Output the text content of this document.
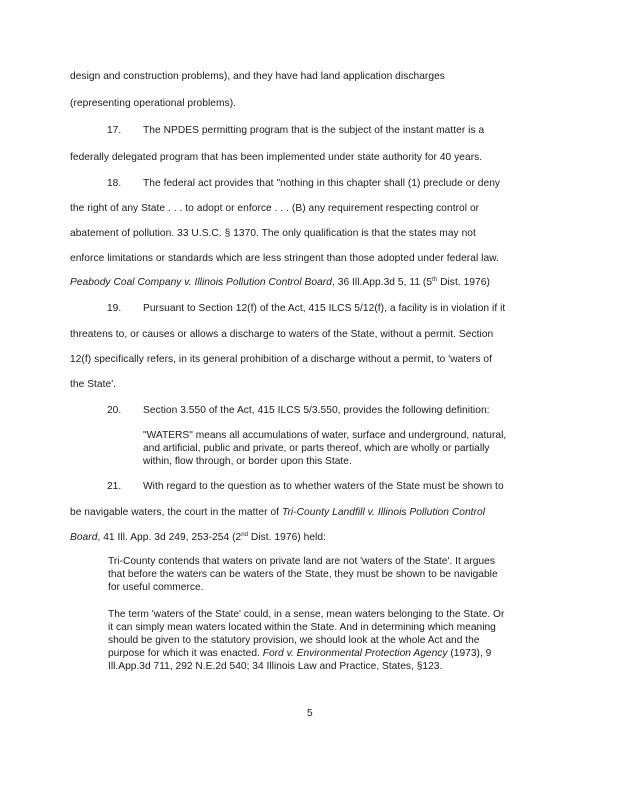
design and construction problems), and they have had land application discharges
(representing operational problems).
17. The NPDES permitting program that is the subject of the instant matter is a
federally delegated program that has been implemented under state authority for 40 years.
18. The federal act provides that "nothing in this chapter shall (1) preclude or deny
the right of any State . . . to adopt or enforce . . . (B) any requirement respecting control or
abatement of pollution. 33 U.S.C. § 1370. The only qualification is that the states may not
enforce limitations or standards which are less stringent than those adopted under federal law.
Peabody Coal Company v. Illinois Pollution Control Board, 36 Ill.App.3d 5, 11 (5th Dist. 1976)
19. Pursuant to Section 12(f) of the Act, 415 ILCS 5/12(f), a facility is in violation if it
threatens to, or causes or allows a discharge to waters of the State, without a permit. Section
12(f) specifically refers, in its general prohibition of a discharge without a permit, to 'waters of
the State'.
20. Section 3.550 of the Act, 415 ILCS 5/3.550, provides the following definition:
"WATERS" means all accumulations of water, surface and underground, natural,
and artificial, public and private, or parts thereof, which are wholly or partially
within, flow through, or border upon this State.
21. With regard to the question as to whether waters of the State must be shown to
be navigable waters, the court in the matter of Tri-County Landfill v. Illinois Pollution Control
Board, 41 Ill. App. 3d 249, 253-254 (2nd Dist. 1976) held:
Tri-County contends that waters on private land are not 'waters of the State'. It argues
that before the waters can be waters of the State, they must be shown to be navigable
for useful commerce.
The term 'waters of the State' could, in a sense, mean waters belonging to the State. Or
it can simply mean waters located within the State. And in determining which meaning
should be given to the statutory provision, we should look at the whole Act and the
purpose for which it was enacted. Ford v. Environmental Protection Agency (1973), 9
Ill.App.3d 711, 292 N.E.2d 540; 34 Illinois Law and Practice, States, §123.
5
